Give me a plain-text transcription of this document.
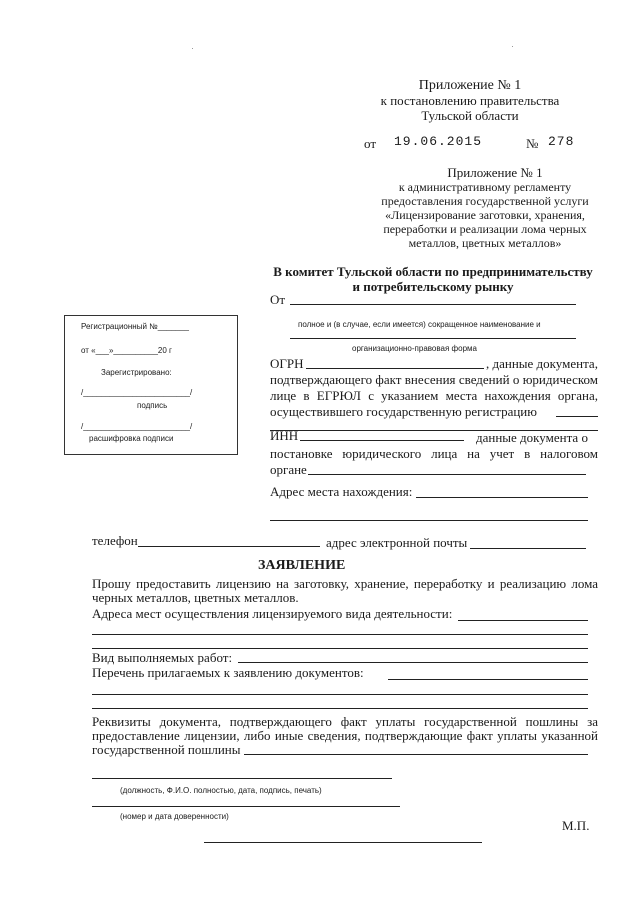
Приложение № 1
к постановлению правительства
Тульской области
от 19.06.2015	№ 278
Приложение № 1
к административному регламенту
предоставления государственной услуги
«Лицензирование заготовки, хранения,
переработки и реализации лома черных
металлов, цветных металлов»
В комитет Тульской области по предпринимательству
и потребительскому рынку
От
полное и (в случае, если имеется) сокращенное наименование и
организационно-правовая форма
Регистрационный №_______
от «___»__________20 г
Зарегистрировано:
/________________________/
подпись
/________________________/
расшифровка подписи
ОГРН	, данные документа,
подтверждающего факт внесения сведений о юридическом
лице в ЕГРЮЛ с указанием места нахождения органа,
осуществившего государственную регистрацию
ИНН	данные документа о
постановке юридического лица на учет в налоговом
органе
Адрес места нахождения:
телефон	адрес электронной почты
ЗАЯВЛЕНИЕ
Прошу предоставить лицензию на заготовку, хранение, переработку и реализацию лома
черных металлов, цветных металлов.
Адреса мест осуществления лицензируемого вида деятельности:
Вид выполняемых работ:
Перечень прилагаемых к заявлению документов:
Реквизиты документа, подтверждающего факт уплаты государственной пошлины за
предоставление лицензии, либо иные сведения, подтверждающие факт уплаты указанной
государственной пошлины
(должность, Ф.И.О. полностью, дата, подпись, печать)
(номер и дата доверенности)
М.П.
